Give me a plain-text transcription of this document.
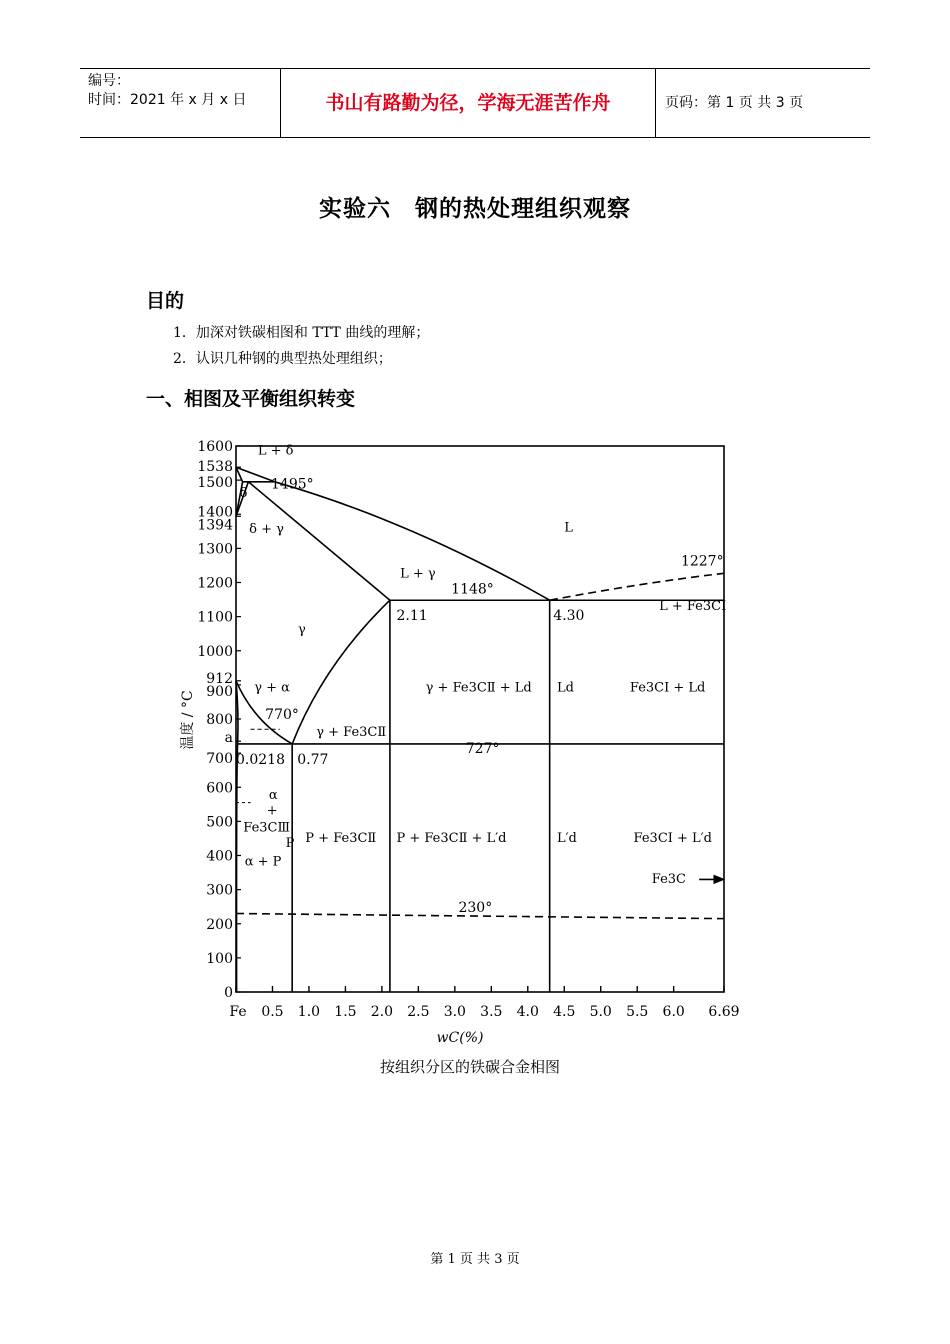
编号：
时间：2021 年 x 月 x 日	书山有路勤为径，学海无涯苦作舟	页码：第 1 页 共 3 页
实验六　钢的热处理组织观察
目的
1．加深对铁碳相图和 TTT 曲线的理解；
2．认识几种钢的典型热处理组织；
一、相图及平衡组织转变
Fe 0.5 1.0 1.5 2.0 2.5 3.0 3.5 4.0 4.5 5.0 5.5 6.0 6.69
1600
1538
1500
1400
1394
1300
1200
1100
1000
912
900
800
a
700
600
500
400
300
200
100
0
L + δ
δ
δ + γ	L
L + γ
γ
γ + α
γ + Fe3CⅡ
γ + Fe3CⅡ + Ld Ld	Fe3CⅠ + Ld
L + Fe3CⅠ
α
+
Fe3CⅢ
α + P
P P + Fe3CⅡ P + Fe3CⅡ + L′d	L′d	Fe3CⅠ + L′d
Fe3C
1495°
1227°
1148°
2.11	4.30
770°
727°
0.0218 0.77
230°
wC(%)
按组织分区的铁碳合金相图
温度 / °C
第 1 页 共 3 页
